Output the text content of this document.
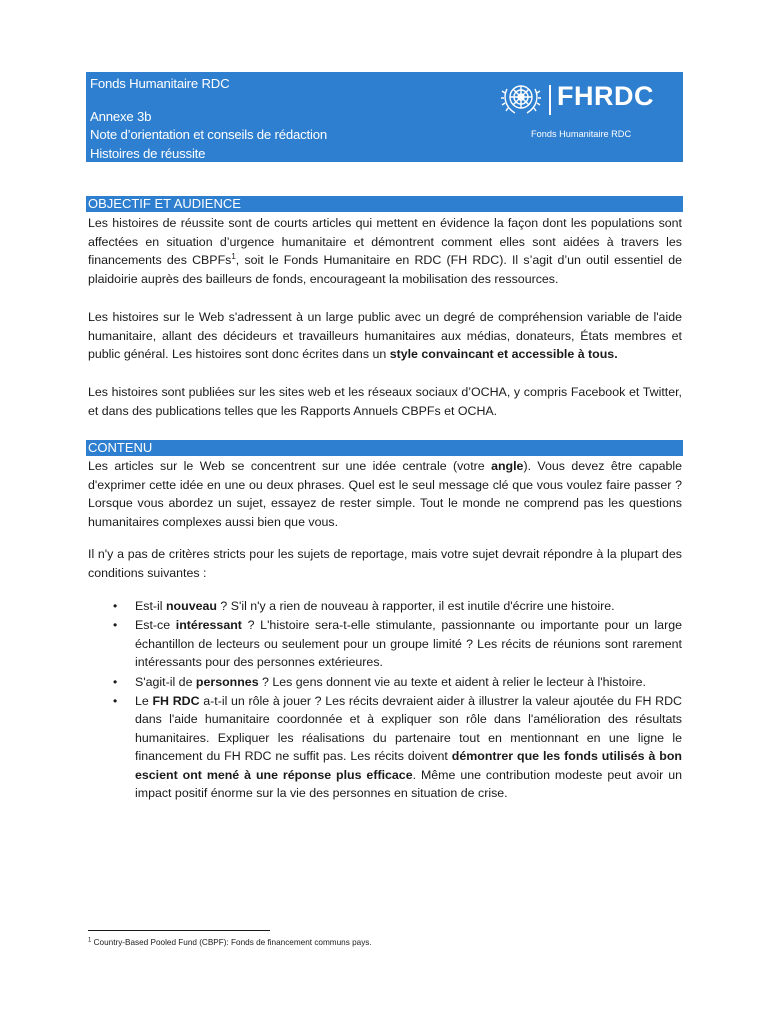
Fonds Humanitaire RDC
Annexe 3b
Note d’orientation et conseils de rédaction
Histoires de réussite
FHRDC
Fonds Humanitaire RDC
OBJECTIF ET AUDIENCE
Les histoires de réussite sont de courts articles qui mettent en évidence la façon dont les populations sont affectées en situation d’urgence humanitaire et démontrent comment elles sont aidées à travers les financements des CBPFs$^1$, soit le Fonds Humanitaire en RDC (FH RDC). Il s’agit d’un outil essentiel de plaidoirie auprès des bailleurs de fonds, encourageant la mobilisation des ressources.
Les histoires sur le Web s'adressent à un large public avec un degré de compréhension variable de l'aide humanitaire, allant des décideurs et travailleurs humanitaires aux médias, donateurs, États membres et public général. Les histoires sont donc écrites dans un style convaincant et accessible à tous.
Les histoires sont publiées sur les sites web et les réseaux sociaux d’OCHA, y compris Facebook et Twitter, et dans des publications telles que les Rapports Annuels CBPFs et OCHA.
CONTENU
Les articles sur le Web se concentrent sur une idée centrale (votre angle). Vous devez être capable d'exprimer cette idée en une ou deux phrases. Quel est le seul message clé que vous voulez faire passer ? Lorsque vous abordez un sujet, essayez de rester simple. Tout le monde ne comprend pas les questions humanitaires complexes aussi bien que vous.
Il n'y a pas de critères stricts pour les sujets de reportage, mais votre sujet devrait répondre à la plupart des conditions suivantes :
• Est-il nouveau ? S'il n'y a rien de nouveau à rapporter, il est inutile d'écrire une histoire.
• Est-ce intéressant ? L'histoire sera-t-elle stimulante, passionnante ou importante pour un large échantillon de lecteurs ou seulement pour un groupe limité ? Les récits de réunions sont rarement intéressants pour des personnes extérieures.
• S'agit-il de personnes ? Les gens donnent vie au texte et aident à relier le lecteur à l'histoire.
• Le FH RDC a-t-il un rôle à jouer ? Les récits devraient aider à illustrer la valeur ajoutée du FH RDC dans l'aide humanitaire coordonnée et à expliquer son rôle dans l'amélioration des résultats humanitaires. Expliquer les réalisations du partenaire tout en mentionnant en une ligne le financement du FH RDC ne suffit pas. Les récits doivent démontrer que les fonds utilisés à bon escient ont mené à une réponse plus efficace. Même une contribution modeste peut avoir un impact positif énorme sur la vie des personnes en situation de crise.
$^1$ Country-Based Pooled Fund (CBPF): Fonds de financement communs pays.
